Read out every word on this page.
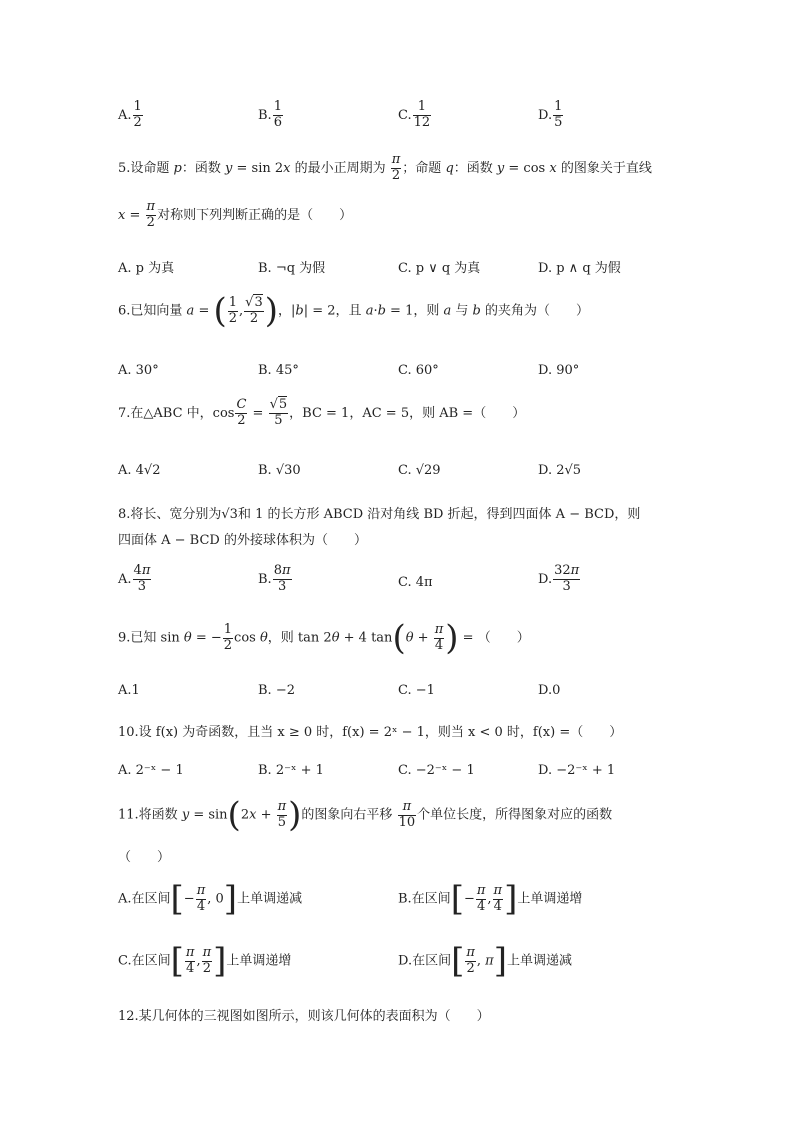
A. $\frac{1}{2}$	B. $\frac{1}{6}$	C. $\frac{1}{12}$	D. $\frac{1}{5}$
5.设命题 p：函数 y = sin 2x 的最小正周期为 $\frac{\pi}{2}$ ；命题 q：函数 y = cos x 的图象关于直线
$x = \frac{\pi}{2}$ 对称则下列判断正确的是（　　）
A. p 为真	B. ¬q 为假	C. p ∨ q 为真	D. p ∧ q 为假
6.已知向量 a = ( $\frac{1}{2}$ , $\frac{√3}{2}$ )，|b| = 2，且 a·b = 1，则 a 与 b 的夹角为（　　）
A. 30°	B. 45°	C. 60°	D. 90°
7.在△ABC 中，$\cos \frac{C}{2} = \frac{√5}{5}$ ，BC = 1，AC = 5，则 AB =（　　）
A. 4√2	B. √30	C. √29	D. 2√5
8.将长、宽分别为√3和 1 的长方形 ABCD 沿对角线 BD 折起，得到四面体 A − BCD，则
四面体 A − BCD 的外接球体积为（　　）
A. $\frac{4\pi}{3}$	B. $\frac{8\pi}{3}$	C. 4π	D. $\frac{32\pi}{3}$
9.已知 sin θ = − $\frac{1}{2}$ cos θ，则 tan 2θ + 4 $\tan(\theta + \frac{\pi}{4}$ ) = （　　）
A.1	B. −2	C. −1	D.0
10.设 f(x) 为奇函数，且当 x ≥ 0 时，f(x) = 2ˣ − 1，则当 x < 0 时，f(x) =（　　）
A. 2⁻ˣ − 1	B. 2⁻ˣ + 1	C. −2⁻ˣ − 1	D. −2⁻ˣ + 1
11.将函数 $y = \sin(2x + \frac{\pi}{5}$ )的图象向右平移 $\frac{\pi}{10}$ 个单位长度，所得图象对应的函数
（　　）
A.在区间[− $\frac{\pi}{4}$ , 0]上单调递减	B.在区间[− $\frac{\pi}{4}$ , $\frac{\pi}{4}$ ]上单调递增
C.在区间[ $\frac{\pi}{4}$ , $\frac{\pi}{2}$ ]上单调递增	D.在区间[ $\frac{\pi}{2}$ , π]上单调递减
12.某几何体的三视图如图所示，则该几何体的表面积为（　　）
